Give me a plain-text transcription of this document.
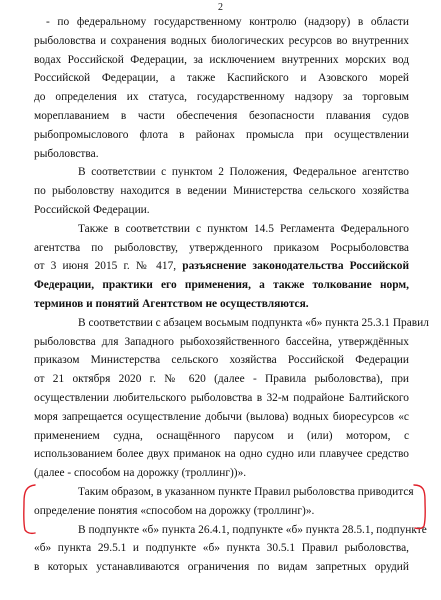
2

- по федеральному государственному контролю (надзору) в области
рыболовства и сохранения водных биологических ресурсов во внутренних
водах Российской Федерации, за исключением внутренних морских вод
Российской Федерации, а также Каспийского и Азовского морей
до определения их статуса, государственному надзору за торговым
мореплаванием в части обеспечения безопасности плавания судов
рыбопромыслового флота в районах промысла при осуществлении
рыболовства.

В соответствии с пунктом 2 Положения, Федеральное агентство
по рыболовству находится в ведении Министерства сельского хозяйства
Российской Федерации.

Также в соответствии с пунктом 14.5 Регламента Федерального
агентства по рыболовству, утвержденного приказом Росрыболовства
от 3 июня 2015 г. № 417, разъяснение законодательства Российской
Федерации, практики его применения, а также толкование норм,
терминов и понятий Агентством не осуществляются.

В соответствии с абзацем восьмым подпункта «б» пункта 25.3.1 Правил
рыболовства для Западного рыбохозяйственного бассейна, утверждённых
приказом Министерства сельского хозяйства Российской Федерации
от 21 октября 2020 г. № 620 (далее - Правила рыболовства), при
осуществлении любительского рыболовства в 32-м подрайоне Балтийского
моря запрещается осуществление добычи (вылова) водных биоресурсов «с
применением судна, оснащённого парусом и (или) мотором, с
использованием более двух приманок на одно судно или плавучее средство
(далее - способом на дорожку (троллинг))».

Таким образом, в указанном пункте Правил рыболовства приводится
определение понятия «способом на дорожку (троллинг)».

В подпункте «б» пункта 26.4.1, подпункте «б» пункта 28.5.1, подпункте
«б» пункта 29.5.1 и подпункте «б» пункта 30.5.1 Правил рыболовства,
в которых устанавливаются ограничения по видам запретных орудий
